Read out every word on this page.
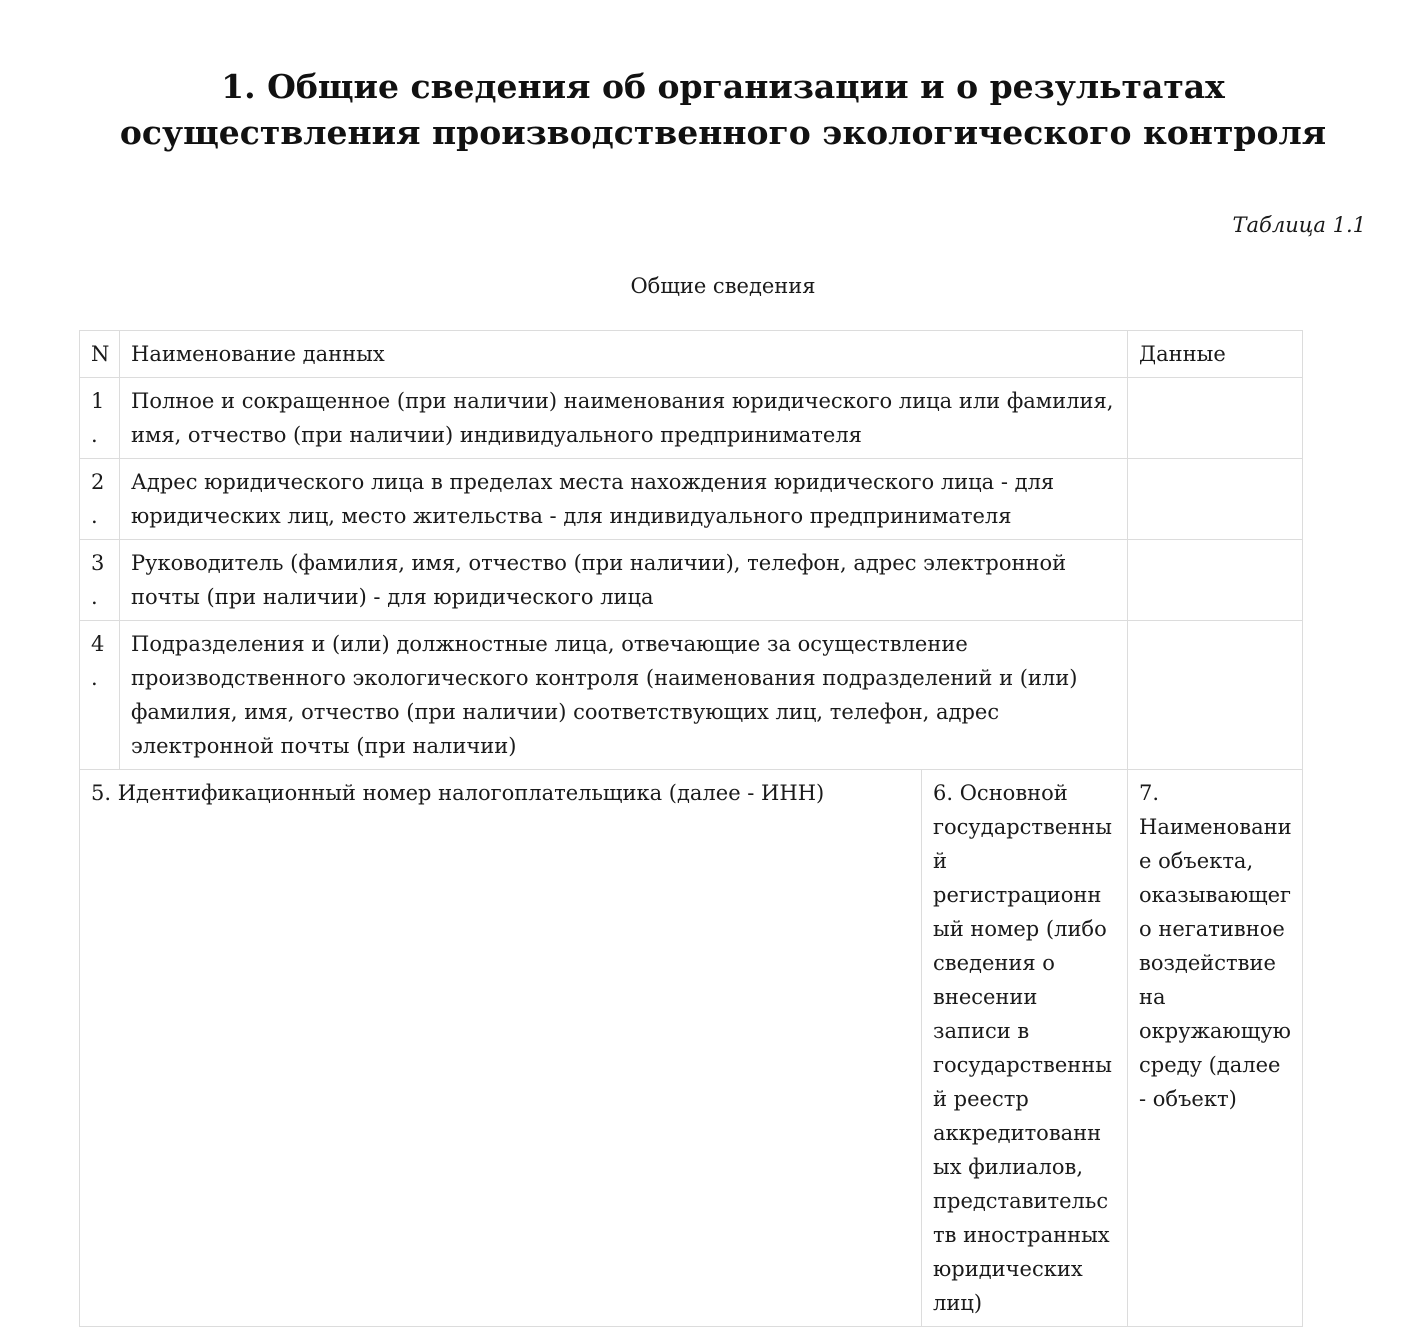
1. Общие сведения об организации и о результатах осуществления производственного экологического контроля
Таблица 1.1
Общие сведения
N	Наименование данных		Данные
1.	Полное и сокращенное (при наличии) наименования юридического лица или фамилия, имя, отчество (при наличии) индивидуального предпринимателя		
2.	Адрес юридического лица в пределах места нахождения юридического лица - для юридических лиц, место жительства - для индивидуального предпринимателя		
3.	Руководитель (фамилия, имя, отчество (при наличии), телефон, адрес электронной почты (при наличии) - для юридического лица		
4.	Подразделения и (или) должностные лица, отвечающие за осуществление производственного экологического контроля (наименования подразделений и (или) фамилия, имя, отчество (при наличии) соответствующих лиц, телефон, адрес электронной почты (при наличии)		
5. Идентификационный номер налогоплательщика (далее - ИНН)		6. Основной государственный регистрационный номер (либо сведения о внесении записи в государственный реестр аккредитованных филиалов, представительств иностранных юридических лиц)	7. Наименование объекта, оказывающего негативное воздействие на окружающую среду (далее - объект)
